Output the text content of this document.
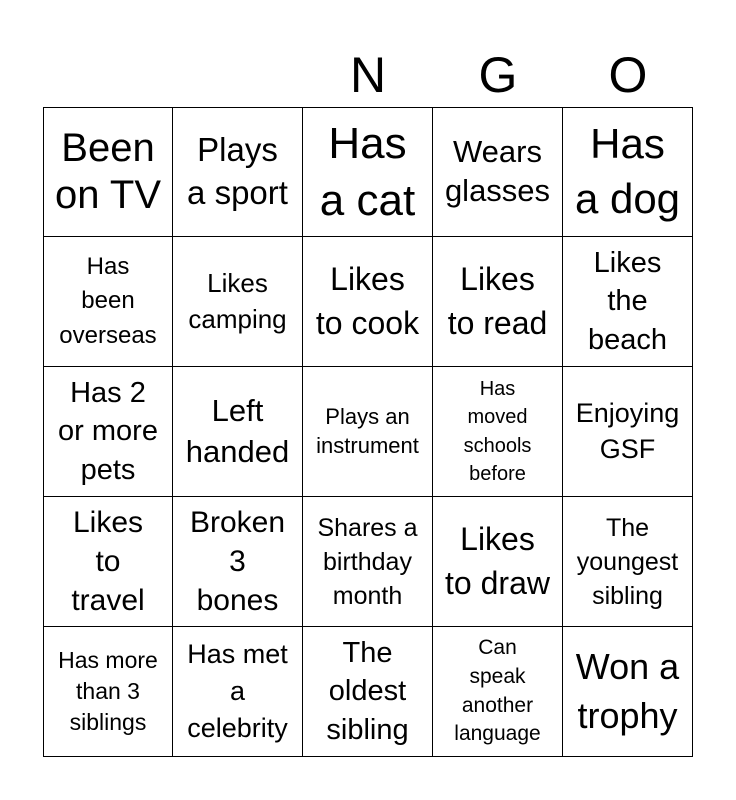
N	G	O
Been
on TV
Plays
a sport
Has
a cat
Wears
glasses
Has
a dog
Has
been
overseas
Likes
camping
Likes
to cook
Likes
to read
Likes
the
beach
Has 2
or more
pets
Left
handed
Plays an
instrument
Has
moved
schools
before
Enjoying
GSF
Likes
to
travel
Broken
3
bones
Shares a
birthday
month
Likes
to draw
The
youngest
sibling
Has more
than 3
siblings
Has met
a
celebrity
The
oldest
sibling
Can
speak
another
language
Won a
trophy
